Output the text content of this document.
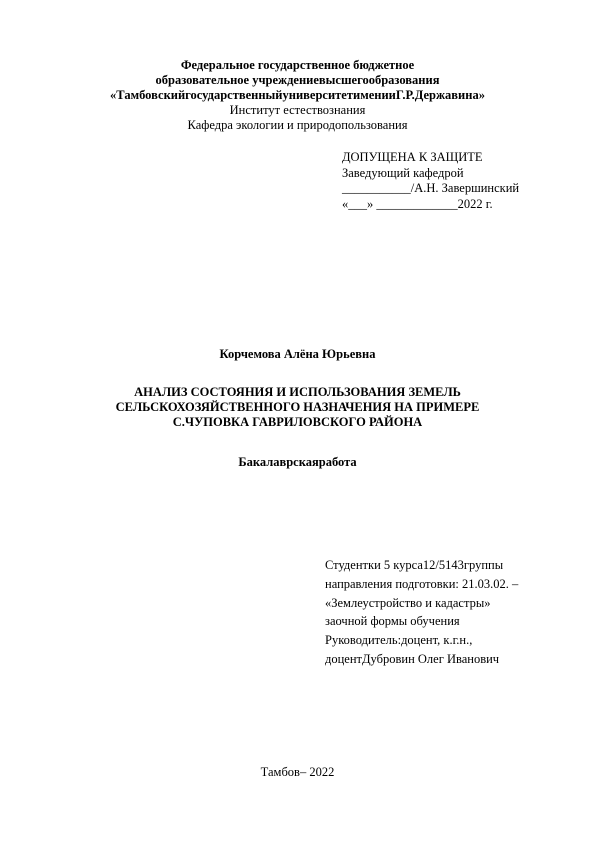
Федеральное государственное бюджетное
образовательное учреждениевысшегообразования
«ТамбовскийгосударственныйуниверситетименииГ.Р.Державина»
Институт естествознания
Кафедра экологии и природопользования
ДОПУЩЕНА К ЗАЩИТЕ
Заведующий кафедрой
___________/А.Н. Завершинский
«___» _____________2022 г.
Корчемова Алёна Юрьевна
АНАЛИЗ СОСТОЯНИЯ И ИСПОЛЬЗОВАНИЯ ЗЕМЕЛЬ
СЕЛЬСКОХОЗЯЙСТВЕННОГО НАЗНАЧЕНИЯ НА ПРИМЕРЕ
С.ЧУПОВКА ГАВРИЛОВСКОГО РАЙОНА
Бакалаврскаяработа
Студентки 5 курса12/5143группы
направления подготовки: 21.03.02. –
«Землеустройство и кадастры»
заочной формы обучения
Руководитель:доцент, к.г.н.,
доцентДубровин Олег Иванович
Тамбов– 2022
